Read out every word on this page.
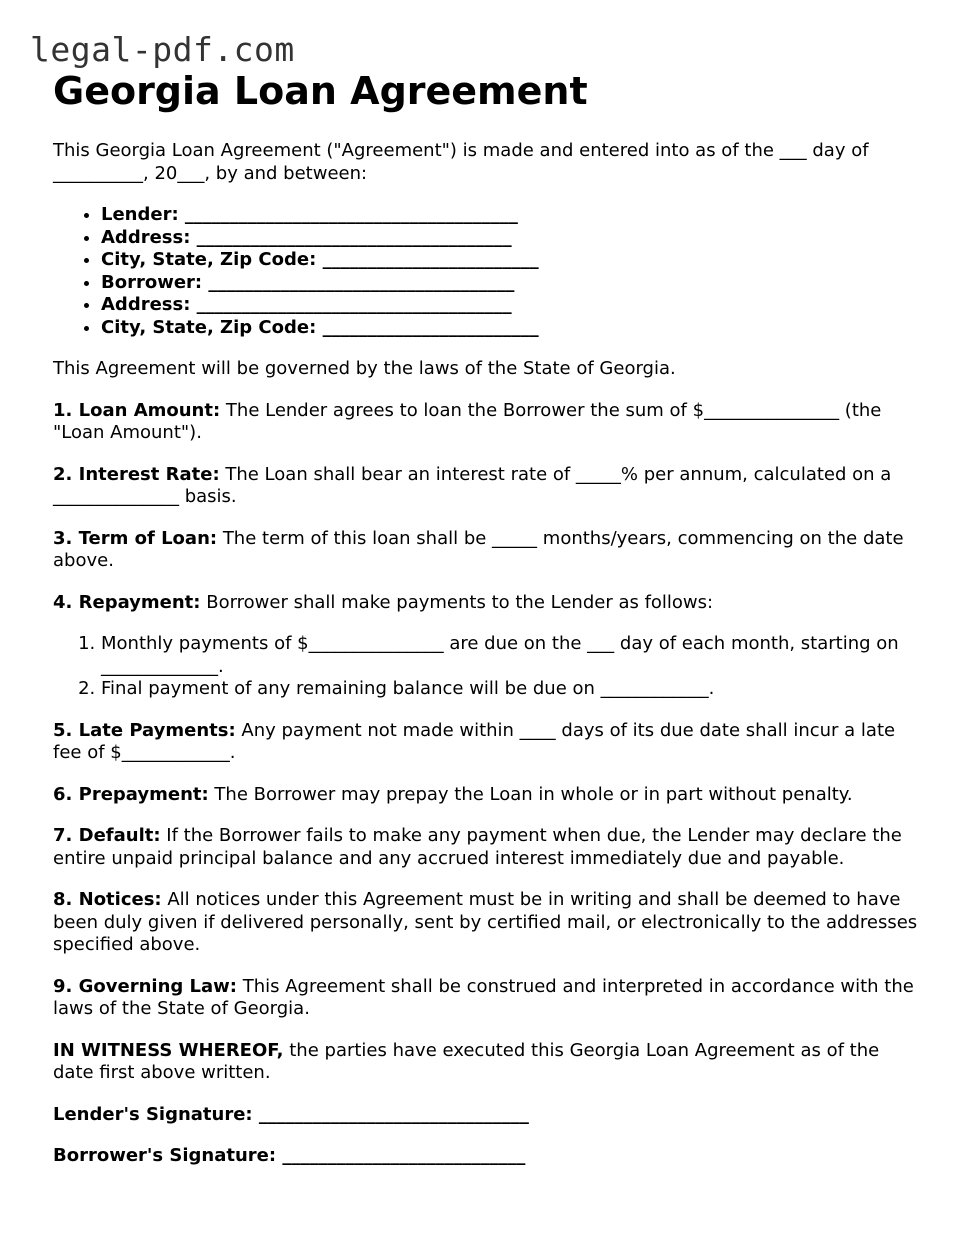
legal-pdf.com
Georgia Loan Agreement

This Georgia Loan Agreement ("Agreement") is made and entered into as of the ___ day of __________, 20___, by and between:

• Lender: _____________________________________
• Address: ___________________________________
• City, State, Zip Code: ________________________
• Borrower: __________________________________
• Address: ___________________________________
• City, State, Zip Code: ________________________

This Agreement will be governed by the laws of the State of Georgia.

1. Loan Amount: The Lender agrees to loan the Borrower the sum of $_______________ (the "Loan Amount").

2. Interest Rate: The Loan shall bear an interest rate of _____% per annum, calculated on a ______________ basis.

3. Term of Loan: The term of this loan shall be _____ months/years, commencing on the date above.

4. Repayment: Borrower shall make payments to the Lender as follows:

1. Monthly payments of $_______________ are due on the ___ day of each month, starting on _____________.
2. Final payment of any remaining balance will be due on ____________.

5. Late Payments: Any payment not made within ____ days of its due date shall incur a late fee of $____________.

6. Prepayment: The Borrower may prepay the Loan in whole or in part without penalty.

7. Default: If the Borrower fails to make any payment when due, the Lender may declare the entire unpaid principal balance and any accrued interest immediately due and payable.

8. Notices: All notices under this Agreement must be in writing and shall be deemed to have been duly given if delivered personally, sent by certified mail, or electronically to the addresses specified above.

9. Governing Law: This Agreement shall be construed and interpreted in accordance with the laws of the State of Georgia.

IN WITNESS WHEREOF, the parties have executed this Georgia Loan Agreement as of the date first above written.

Lender's Signature: ______________________________

Borrower's Signature: ___________________________
